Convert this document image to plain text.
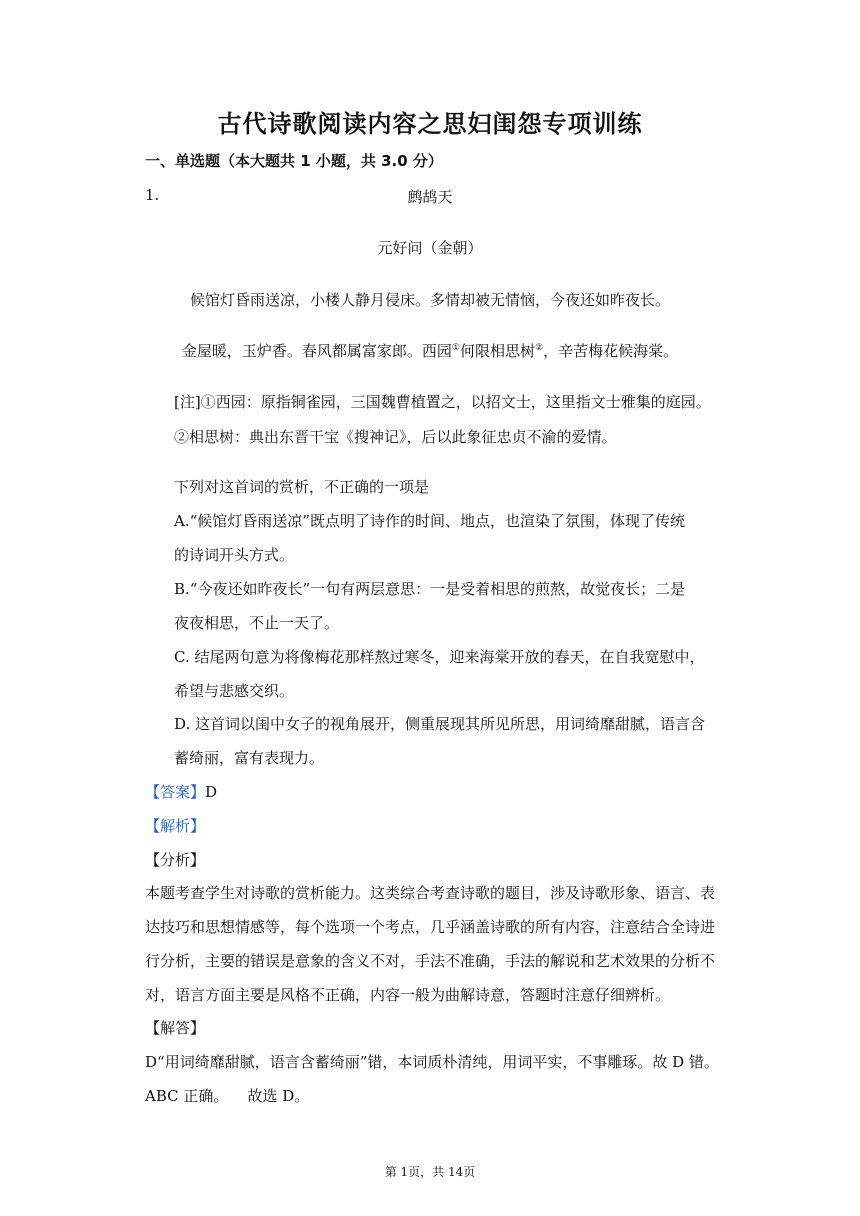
古代诗歌阅读内容之思妇闺怨专项训练
一、单选题（本大题共 1 小题，共 3.0 分）
1.	鹧鸪天
元好问（金朝）
候馆灯昏雨送凉，小楼人静月侵床。多情却被无情恼，今夜还如昨夜长。
金屋暖，玉炉香。春风都属富家郎。西园①何限相思树②，辛苦梅花候海棠。
[注]①西园：原指铜雀园，三国魏曹植置之，以招文士，这里指文士雅集的庭园。
②相思树：典出东晋干宝《搜神记》，后以此象征忠贞不渝的爱情。
下列对这首词的赏析，不正确的一项是
A.“候馆灯昏雨送凉”既点明了诗作的时间、地点，也渲染了氛围，体现了传统
的诗词开头方式。
B.“今夜还如昨夜长”一句有两层意思：一是受着相思的煎熬，故觉夜长；二是
夜夜相思，不止一天了。
C. 结尾两句意为将像梅花那样熬过寒冬，迎来海棠开放的春天，在自我宽慰中，
希望与悲感交织。
D. 这首词以闺中女子的视角展开，侧重展现其所见所思，用词绮靡甜腻，语言含
蓄绮丽，富有表现力。
【答案】D
【解析】
【分析】
本题考查学生对诗歌的赏析能力。这类综合考查诗歌的题目，涉及诗歌形象、语言、表
达技巧和思想情感等，每个选项一个考点，几乎涵盖诗歌的所有内容，注意结合全诗进
行分析，主要的错误是意象的含义不对，手法不准确，手法的解说和艺术效果的分析不
对，语言方面主要是风格不正确，内容一般为曲解诗意，答题时注意仔细辨析。
【解答】
D“用词绮靡甜腻，语言含蓄绮丽”错，本词质朴清纯，用词平实，不事雕琢。故 D 错。
ABC 正确。    故选 D。
第 1页，共 14页
